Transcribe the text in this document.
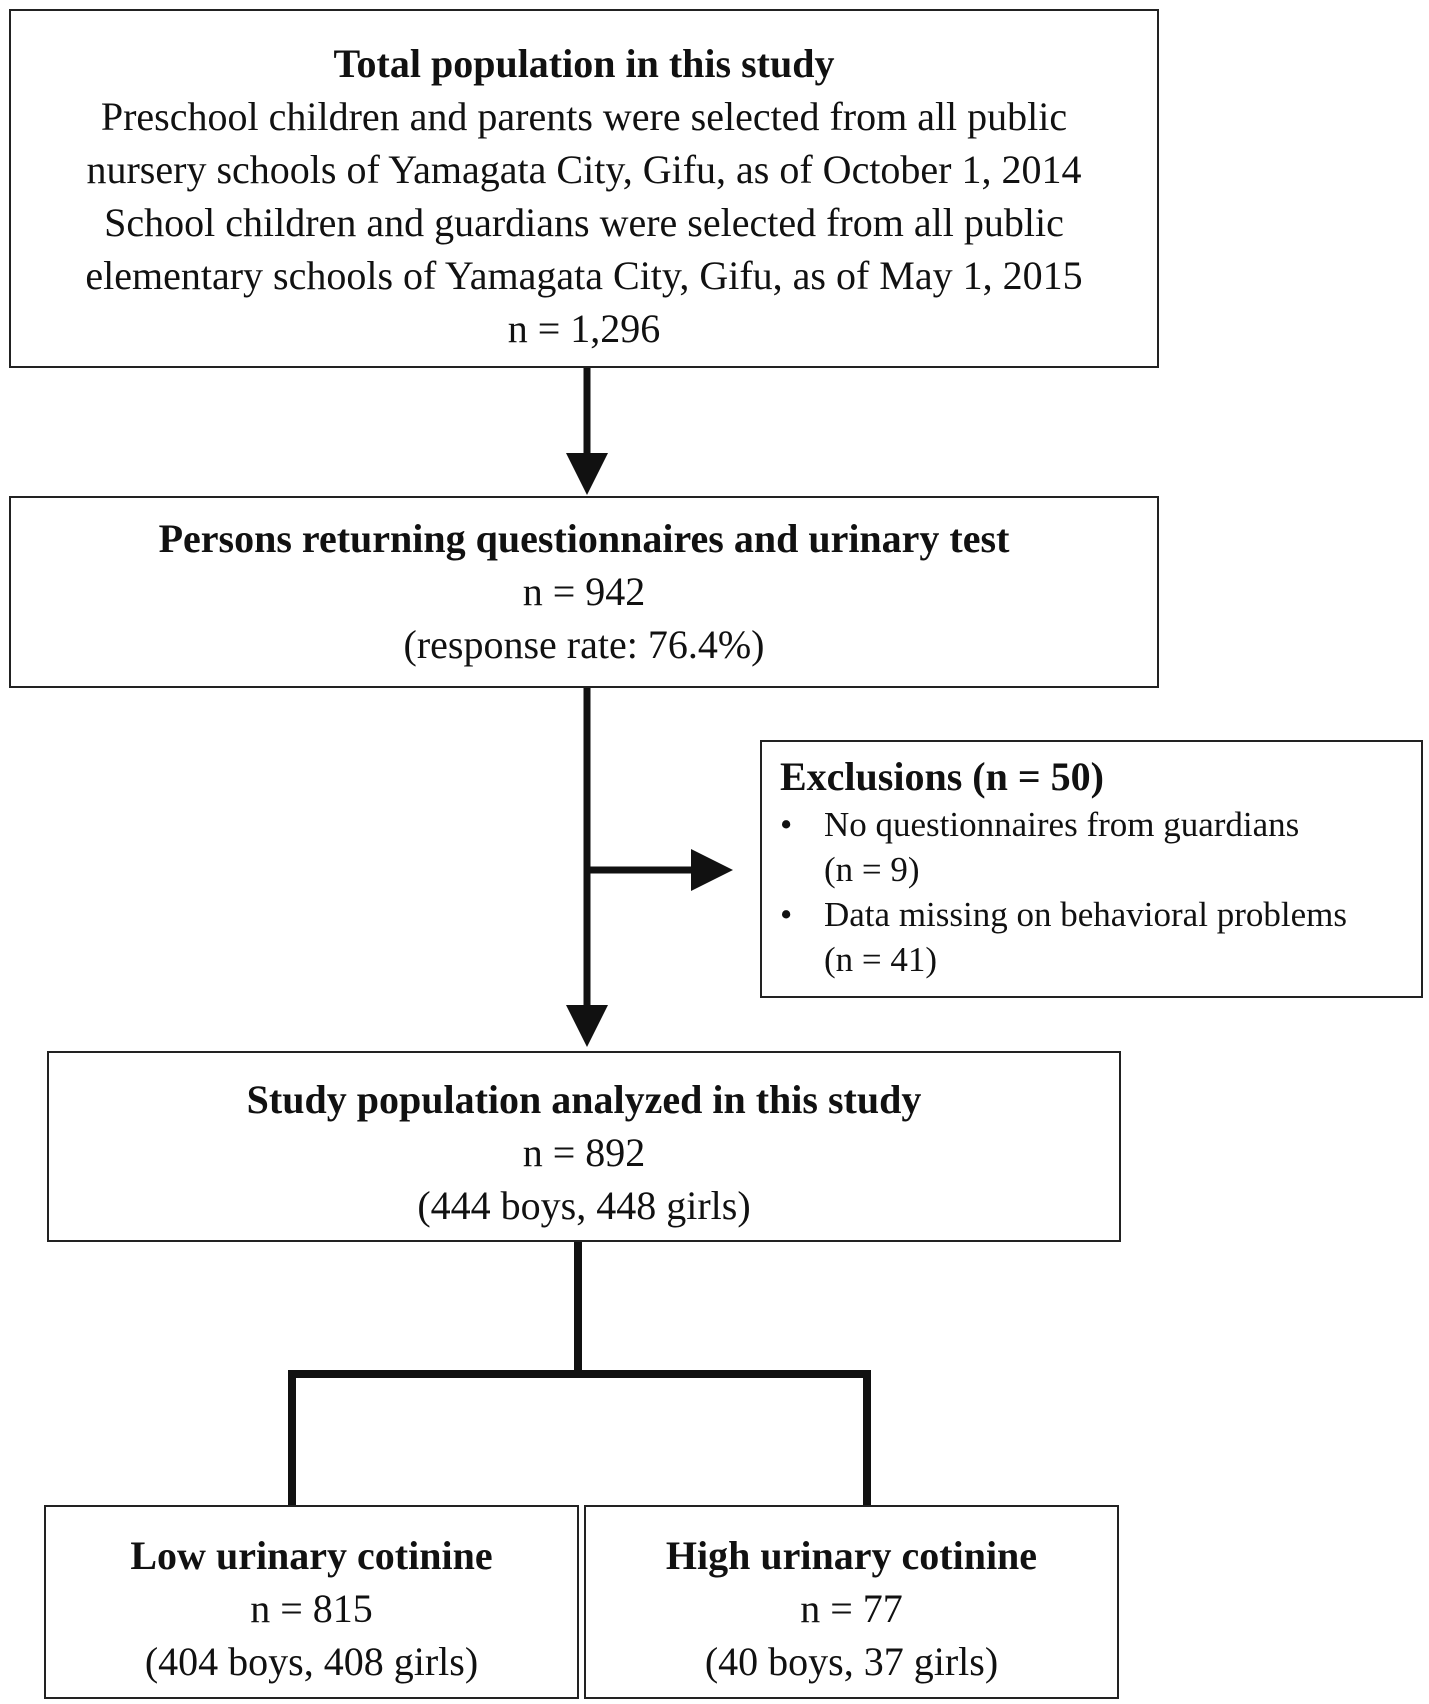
Total population in this study
Preschool children and parents were selected from all public
nursery schools of Yamagata City, Gifu, as of October 1, 2014
School children and guardians were selected from all public
elementary schools of Yamagata City, Gifu, as of May 1, 2015
n = 1,296
Persons returning questionnaires and urinary test
n = 942
(response rate: 76.4%)
Exclusions (n = 50)
• No questionnaires from guardians
(n = 9)
• Data missing on behavioral problems
(n = 41)
Study population analyzed in this study
n = 892
(444 boys, 448 girls)
Low urinary cotinine
n = 815
(404 boys, 408 girls)
High urinary cotinine
n = 77
(40 boys, 37 girls)
